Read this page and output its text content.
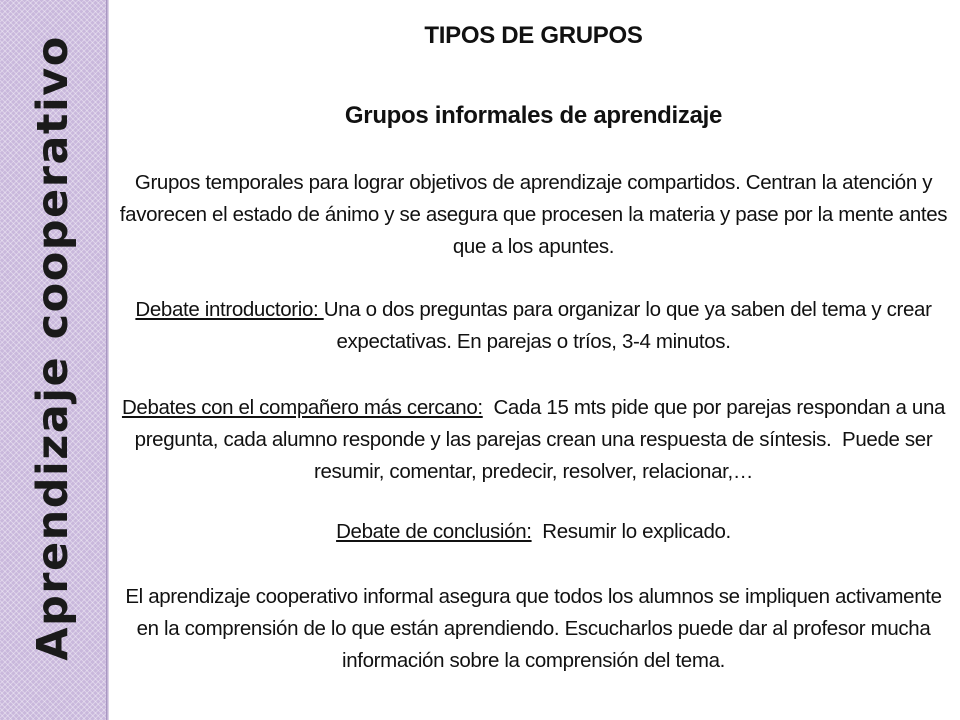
Aprendizaje cooperativo	TIPOS DE GRUPOS
Grupos informales de aprendizaje
Grupos temporales para lograr objetivos de aprendizaje compartidos. Centran la atención y favorecen el estado de ánimo y se asegura que procesen la materia y pase por la mente antes que a los apuntes.
Debate introductorio: Una o dos preguntas para organizar lo que ya saben del tema y crear expectativas. En parejas o tríos, 3-4 minutos.
Debates con el compañero más cercano:  Cada 15 mts pide que por parejas respondan a una pregunta, cada alumno responde y las parejas crean una respuesta de síntesis.  Puede ser resumir, comentar, predecir, resolver, relacionar,…
Debate de conclusión:  Resumir lo explicado.
El aprendizaje cooperativo informal asegura que todos los alumnos se impliquen activamente en la comprensión de lo que están aprendiendo. Escucharlos puede dar al profesor mucha información sobre la comprensión del tema.
